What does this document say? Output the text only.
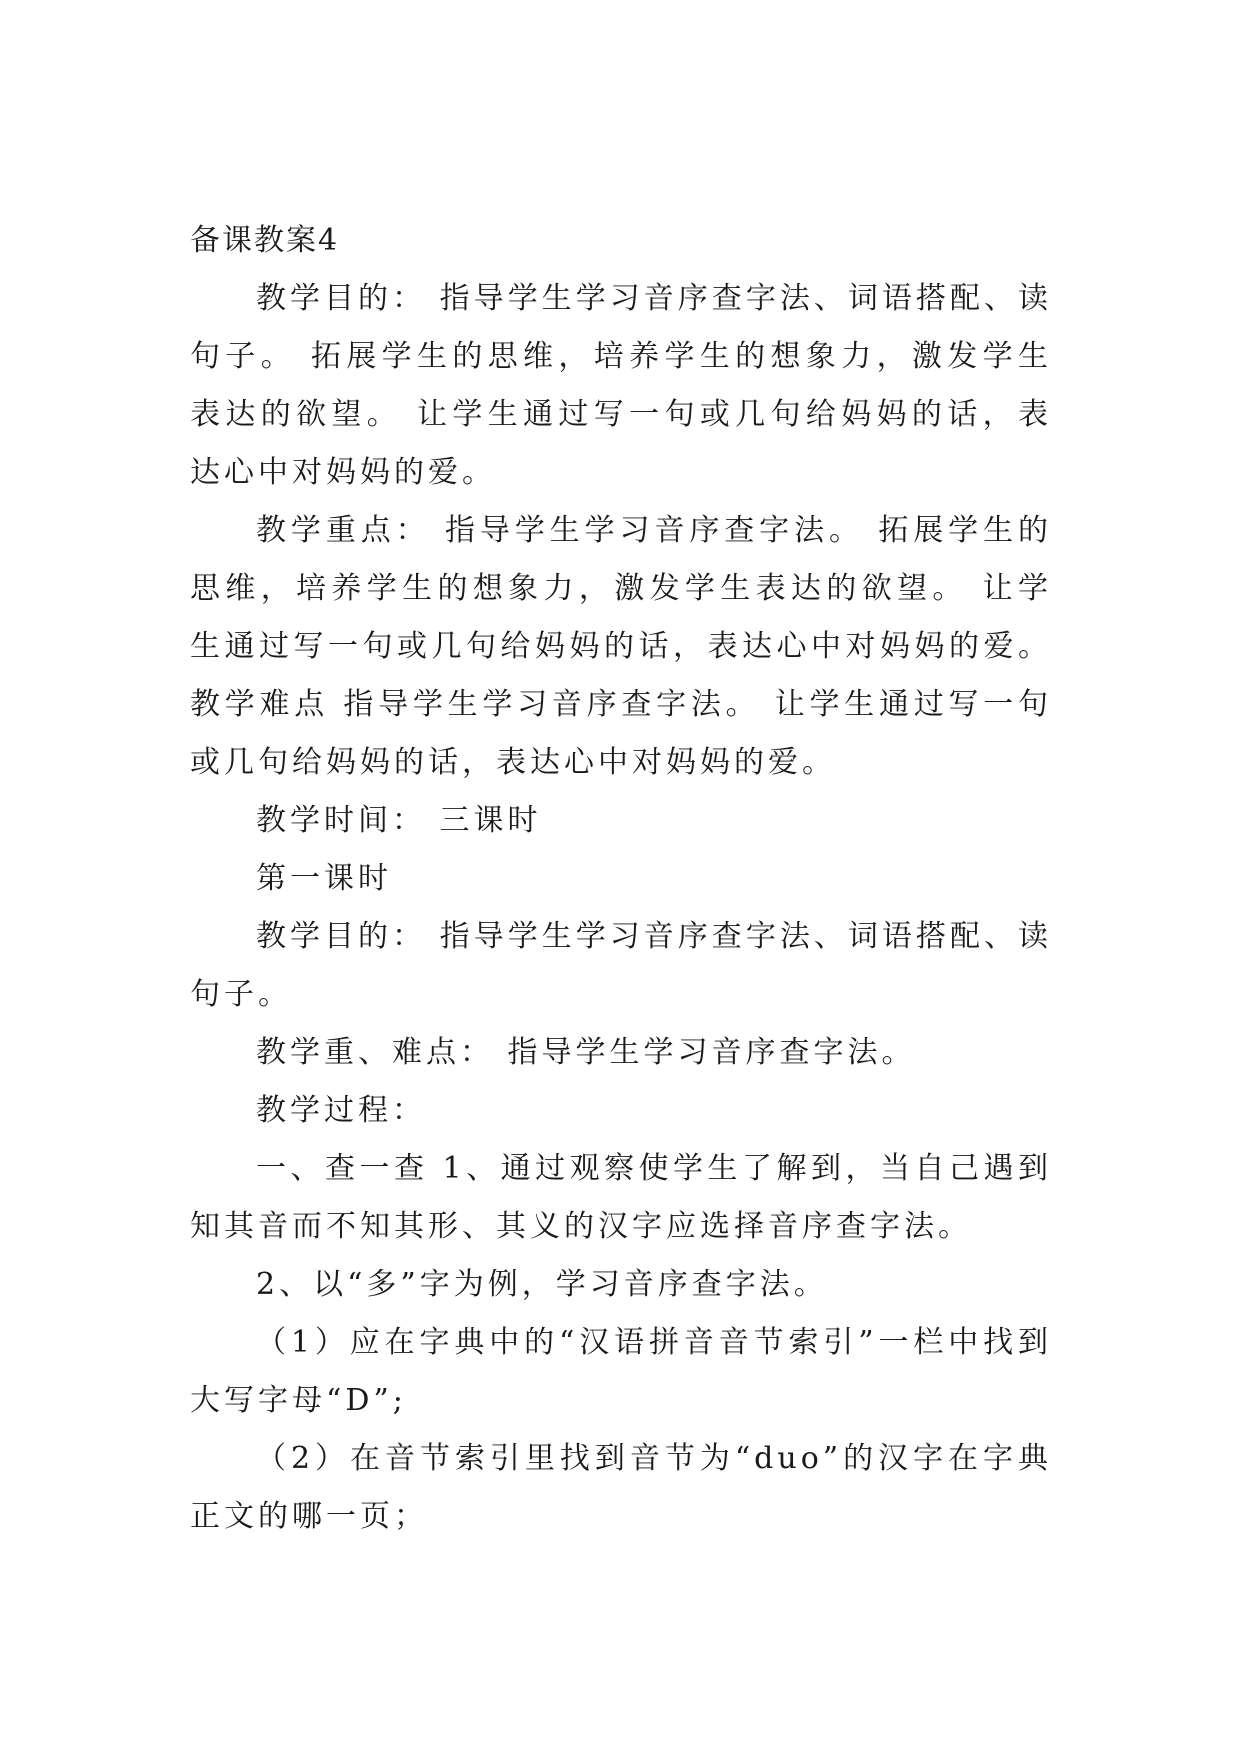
备课教案4

教学目的： 指导学生学习音序查字法、词语搭配、读句子。 拓展学生的思维，培养学生的想象力，激发学生表达的欲望。 让学生通过写一句或几句给妈妈的话，表达心中对妈妈的爱。

教学重点： 指导学生学习音序查字法。 拓展学生的思维，培养学生的想象力，激发学生表达的欲望。 让学生通过写一句或几句给妈妈的话，表达心中对妈妈的爱。 教学难点 指导学生学习音序查字法。 让学生通过写一句或几句给妈妈的话，表达心中对妈妈的爱。

教学时间： 三课时

第一课时

教学目的： 指导学生学习音序查字法、词语搭配、读句子。

教学重、难点： 指导学生学习音序查字法。

教学过程：

一、查一查 1、通过观察使学生了解到，当自己遇到知其音而不知其形、其义的汉字应选择音序查字法。

2、以“多”字为例，学习音序查字法。

（1）应在字典中的“汉语拼音音节索引”一栏中找到大写字母“D”;

（2）在音节索引里找到音节为“duo”的汉字在字典正文的哪一页；
